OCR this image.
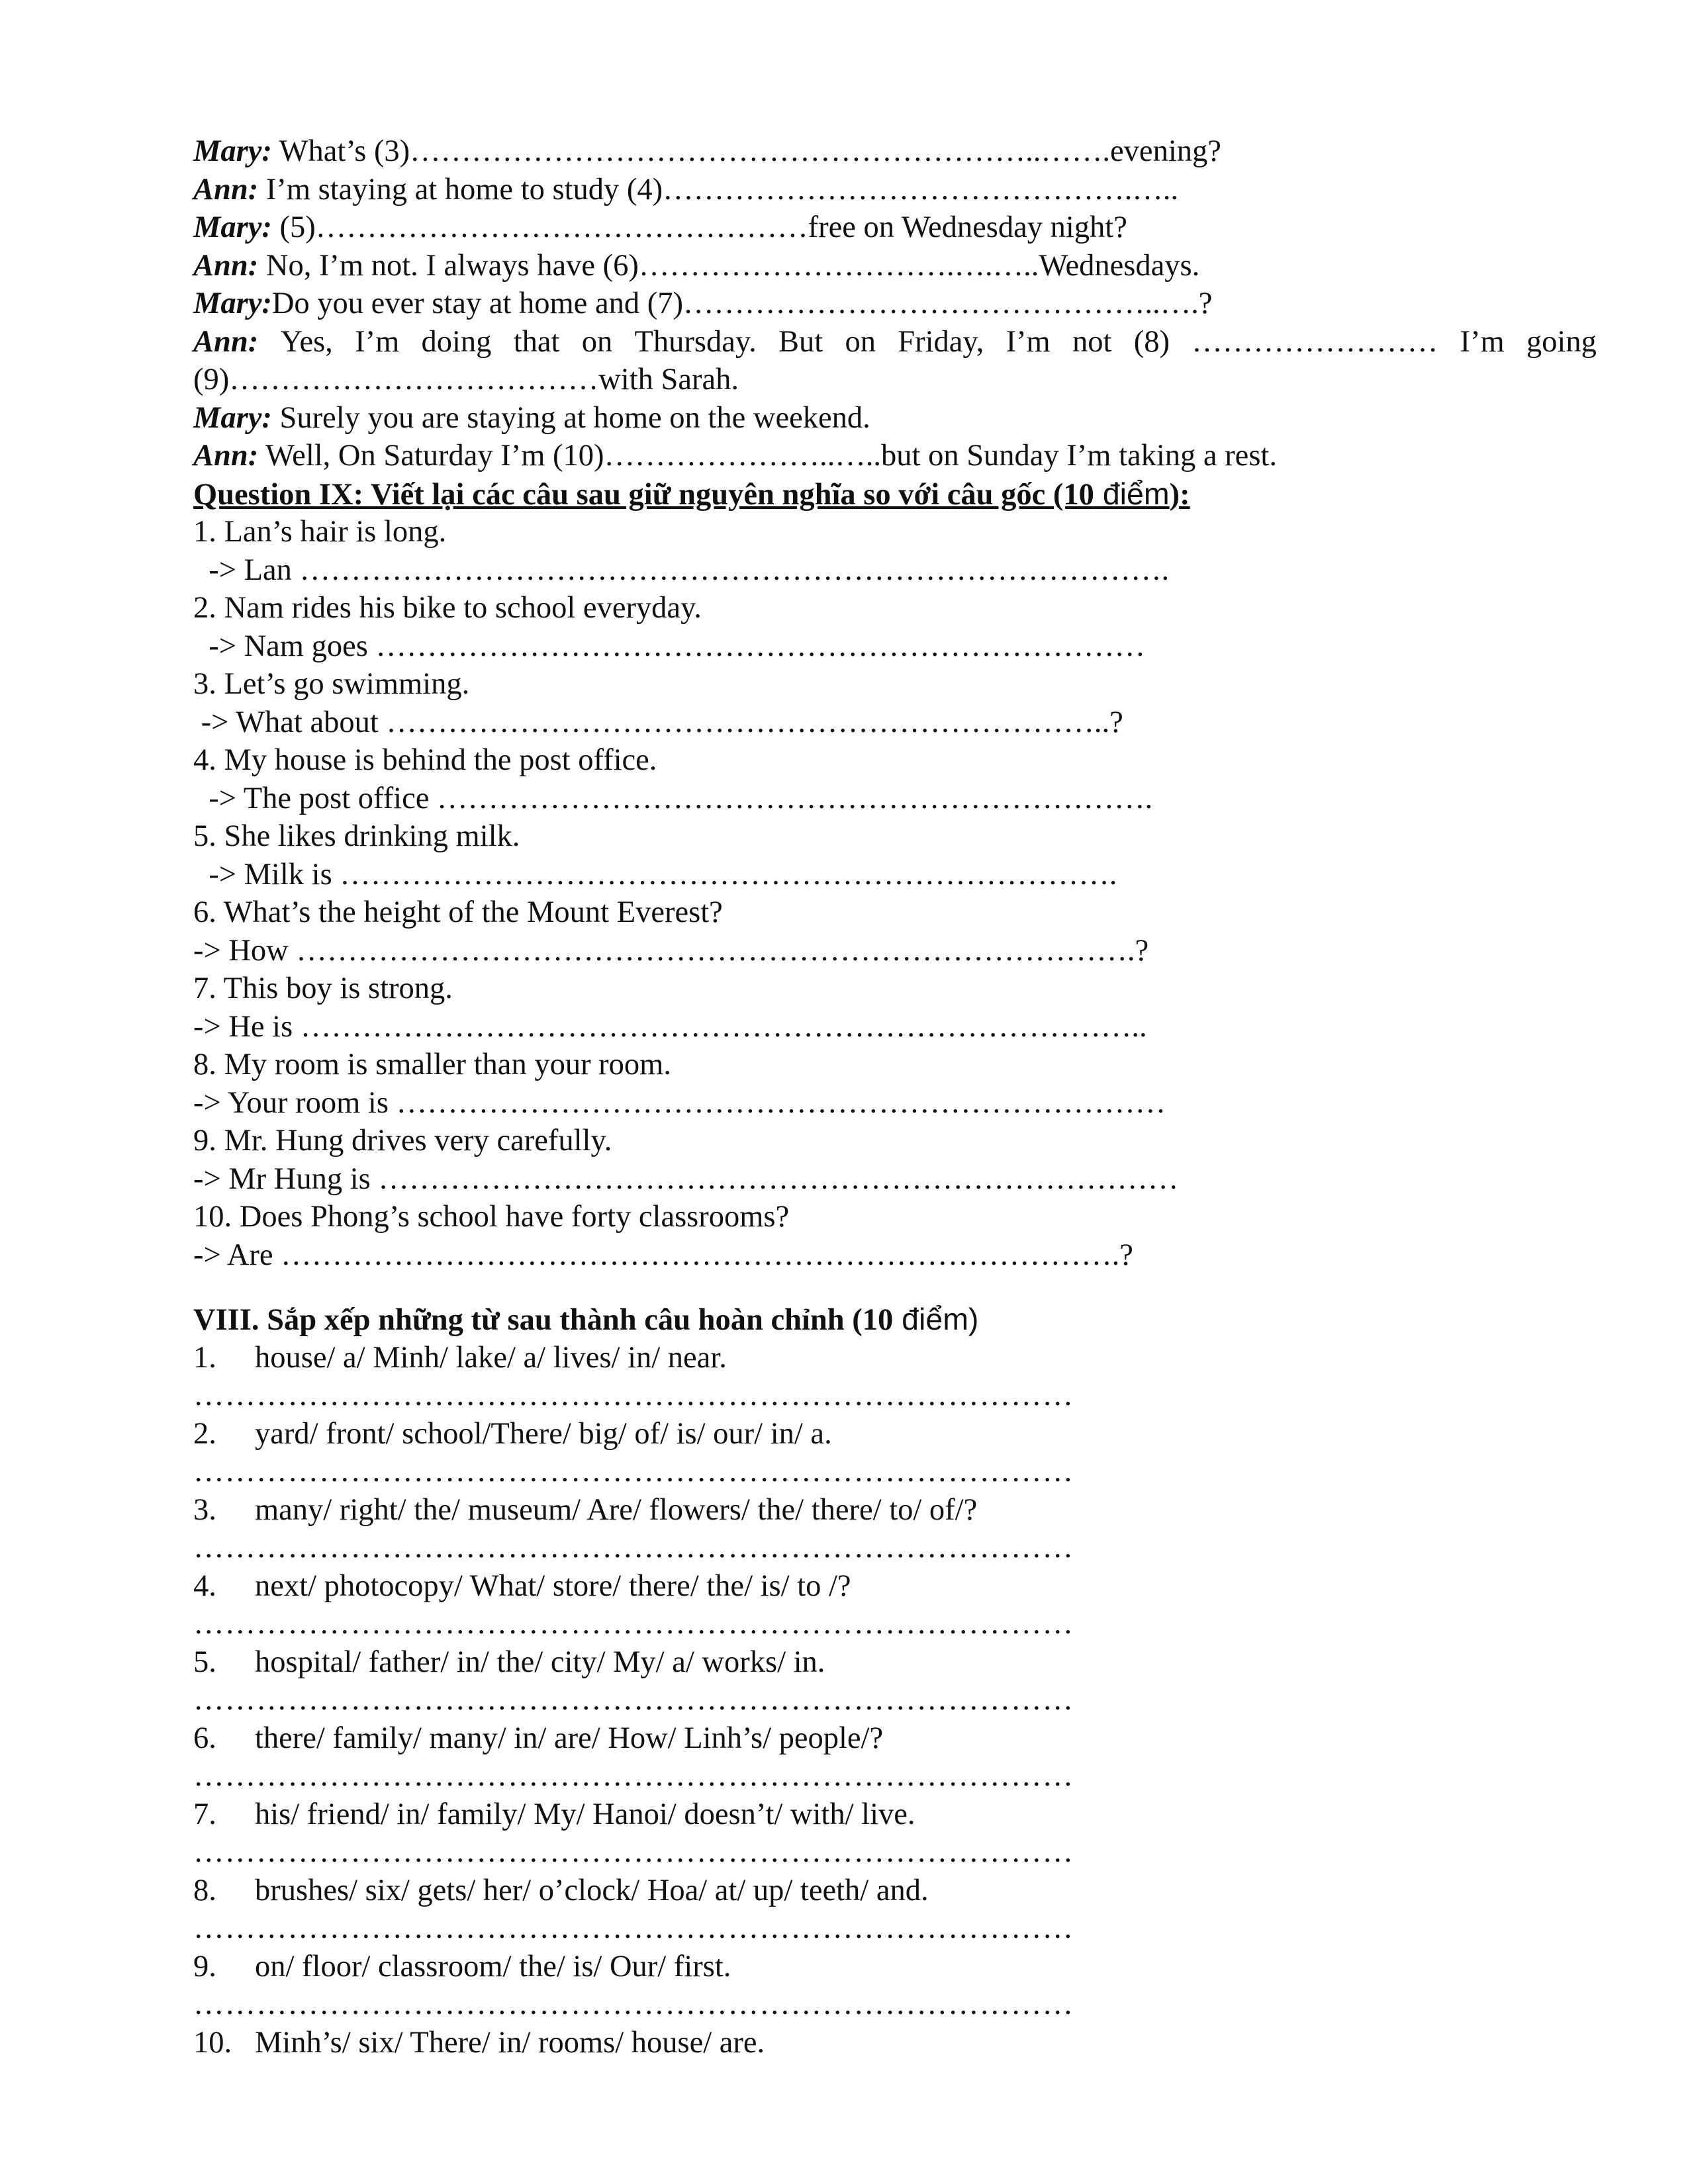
Mary: What’s (3)……………………………………………………..…….evening?
Ann: I’m staying at home to study (4)……………………………………….…..
Mary: (5)…………………………………………free on Wednesday night?
Ann: No, I’m not. I always have (6)………………………….….…..Wednesdays.
Mary:Do you ever stay at home and (7)………………………………………..….?
Ann: Yes, I’m doing that on Thursday. But on Friday, I’m not (8) …………………… I’m going
(9)………………………………with Sarah.
Mary: Surely you are staying at home on the weekend.
Ann: Well, On Saturday I’m (10)…………………..…..but on Sunday I’m taking a rest.
Question IX: Viết lại các câu sau giữ nguyên nghĩa so với câu gốc (10 điểm):
1. Lan’s hair is long.
-> Lan ………………………………………………………………………….
2. Nam rides his bike to school everyday.
-> Nam goes …………………………………………………………………
3. Let’s go swimming.
-> What about ……………………………………………………………..?
4. My house is behind the post office.
-> The post office …………………………………………………………….
5. She likes drinking milk.
-> Milk is ………………………………………………………………….
6. What’s the height of the Mount Everest?
-> How ……………………………………………………………………….?
7. This boy is strong.
-> He is ………………………………………………………………………..
8. My room is smaller than your room.
-> Your room is …………………………………………………………………
9. Mr. Hung drives very carefully.
-> Mr Hung is ……………………………………………………………………
10. Does Phong’s school have forty classrooms?
-> Are ……………………………………………………………………….?
VIII. Sắp xếp những từ sau thành câu hoàn chỉnh (10 điểm)
1.	house/ a/ Minh/ lake/ a/ lives/ in/ near.
…………………………………………………………………………
2.	yard/ front/ school/There/ big/ of/ is/ our/ in/ a.
…………………………………………………………………………
3.	many/ right/ the/ museum/ Are/ flowers/ the/ there/ to/ of/?
…………………………………………………………………………
4.	next/ photocopy/ What/ store/ there/ the/ is/ to /?
…………………………………………………………………………
5.	hospital/ father/ in/ the/ city/ My/ a/ works/ in.
…………………………………………………………………………
6.	there/ family/ many/ in/ are/ How/ Linh’s/ people/?
…………………………………………………………………………
7.	his/ friend/ in/ family/ My/ Hanoi/ doesn’t/ with/ live.
…………………………………………………………………………
8.	brushes/ six/ gets/ her/ o’clock/ Hoa/ at/ up/ teeth/ and.
…………………………………………………………………………
9.	on/ floor/ classroom/ the/ is/ Our/ first.
…………………………………………………………………………
10. Minh’s/ six/ There/ in/ rooms/ house/ are.
